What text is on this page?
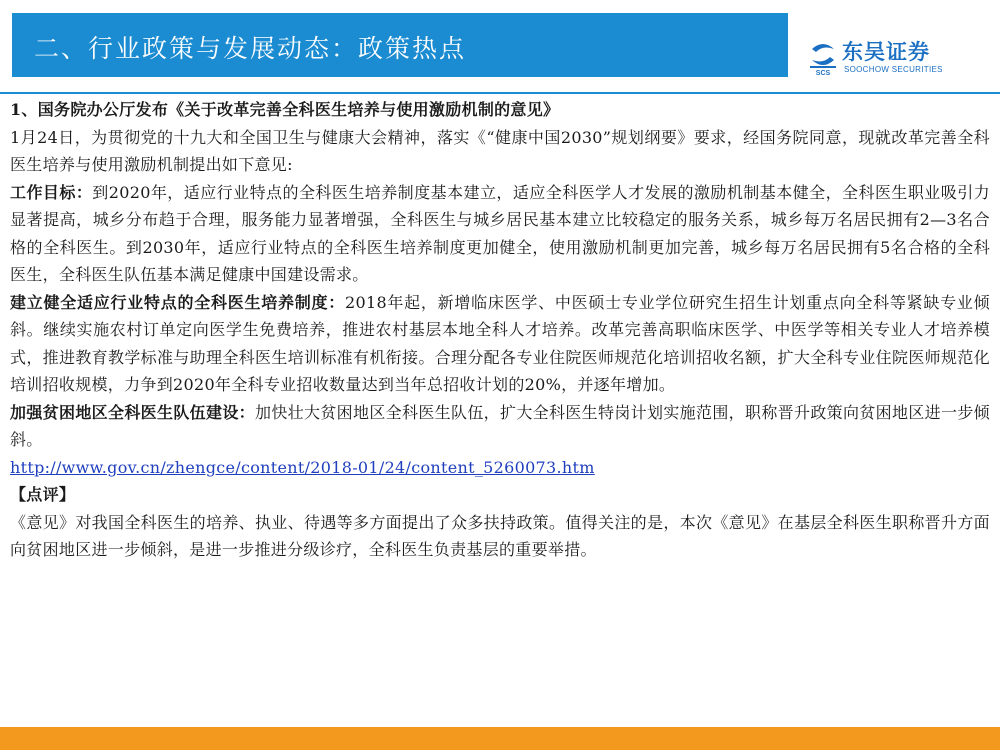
二、行业政策与发展动态：政策热点
SCS
东吴证券
SOOCHOW SECURITIES

1、国务院办公厅发布《关于改革完善全科医生培养与使用激励机制的意见》

1月24日，为贯彻党的十九大和全国卫生与健康大会精神，落实《“健康中国2030”规划纲要》要求，经国务院同意，现就改革完善全科医生培养与使用激励机制提出如下意见:

工作目标：到2020年，适应行业特点的全科医生培养制度基本建立，适应全科医学人才发展的激励机制基本健全，全科医生职业吸引力显著提高，城乡分布趋于合理，服务能力显著增强，全科医生与城乡居民基本建立比较稳定的服务关系，城乡每万名居民拥有2—3名合格的全科医生。到2030年，适应行业特点的全科医生培养制度更加健全，使用激励机制更加完善，城乡每万名居民拥有5名合格的全科医生，全科医生队伍基本满足健康中国建设需求。

建立健全适应行业特点的全科医生培养制度：2018年起，新增临床医学、中医硕士专业学位研究生招生计划重点向全科等紧缺专业倾斜。继续实施农村订单定向医学生免费培养，推进农村基层本地全科人才培养。改革完善高职临床医学、中医学等相关专业人才培养模式，推进教育教学标准与助理全科医生培训标准有机衔接。合理分配各专业住院医师规范化培训招收名额，扩大全科专业住院医师规范化培训招收规模，力争到2020年全科专业招收数量达到当年总招收计划的20%，并逐年增加。

加强贫困地区全科医生队伍建设：加快壮大贫困地区全科医生队伍，扩大全科医生特岗计划实施范围，职称晋升政策向贫困地区进一步倾斜。

http://www.gov.cn/zhengce/content/2018-01/24/content_5260073.htm

【点评】

《意见》对我国全科医生的培养、执业、待遇等多方面提出了众多扶持政策。值得关注的是，本次《意见》在基层全科医生职称晋升方面向贫困地区进一步倾斜，是进一步推进分级诊疗，全科医生负责基层的重要举措。
